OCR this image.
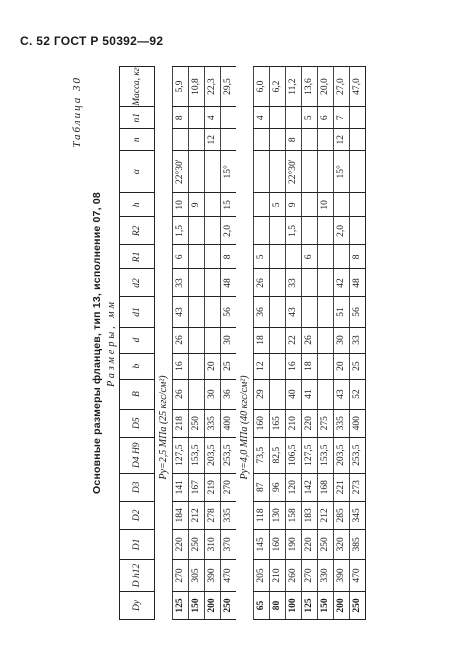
С. 52 ГОСТ Р 50392—92
Таблица 30
Основные размеры фланцев, тип 13, исполнение 07, 08 Размеры, мм
Dу	D h12	D1	D2	D3	D4 H9	D5	B	b	d	d1	d2	R1	R2	h	α	n	n1	Масса, кг
Pу=2,5 МПа (25 кгс/см²)																		
125	270	220	184	141	127,5	218	26	16	26	43	33	6	1,5	10	22°30'		8	5,9
150	305	250	212	167	153,5	250								9				10,8
200	390	310	278	219	203,5	335	30	20								12	4	22,3
250	470	370	335	270	253,5	400	36	25	30	56	48	8	2,0	15	15°			29,5
Pу=4,0 МПа (40 кгс/см²)																		
65	205	145	118	87	73,5	160	29	12	18	36	26	5					4	6,0
80	210	160	130	96	82,5	165								5				6,2
100	260	190	158	120	106,5	210	40	16	22	43	33		1,5	9	22°30'	8		11,2
125	270	220	183	142	127,5	220	41	18	26			6					5	13,6
150	330	250	212	168	153,5	275								10			6	20,0
200	390	320	285	221	203,5	335	43	20	30	51	42		2,0		15°	12	7	27,0
250	470	385	345	273	253,5	400	52	25	33	56	48	8						47,0
